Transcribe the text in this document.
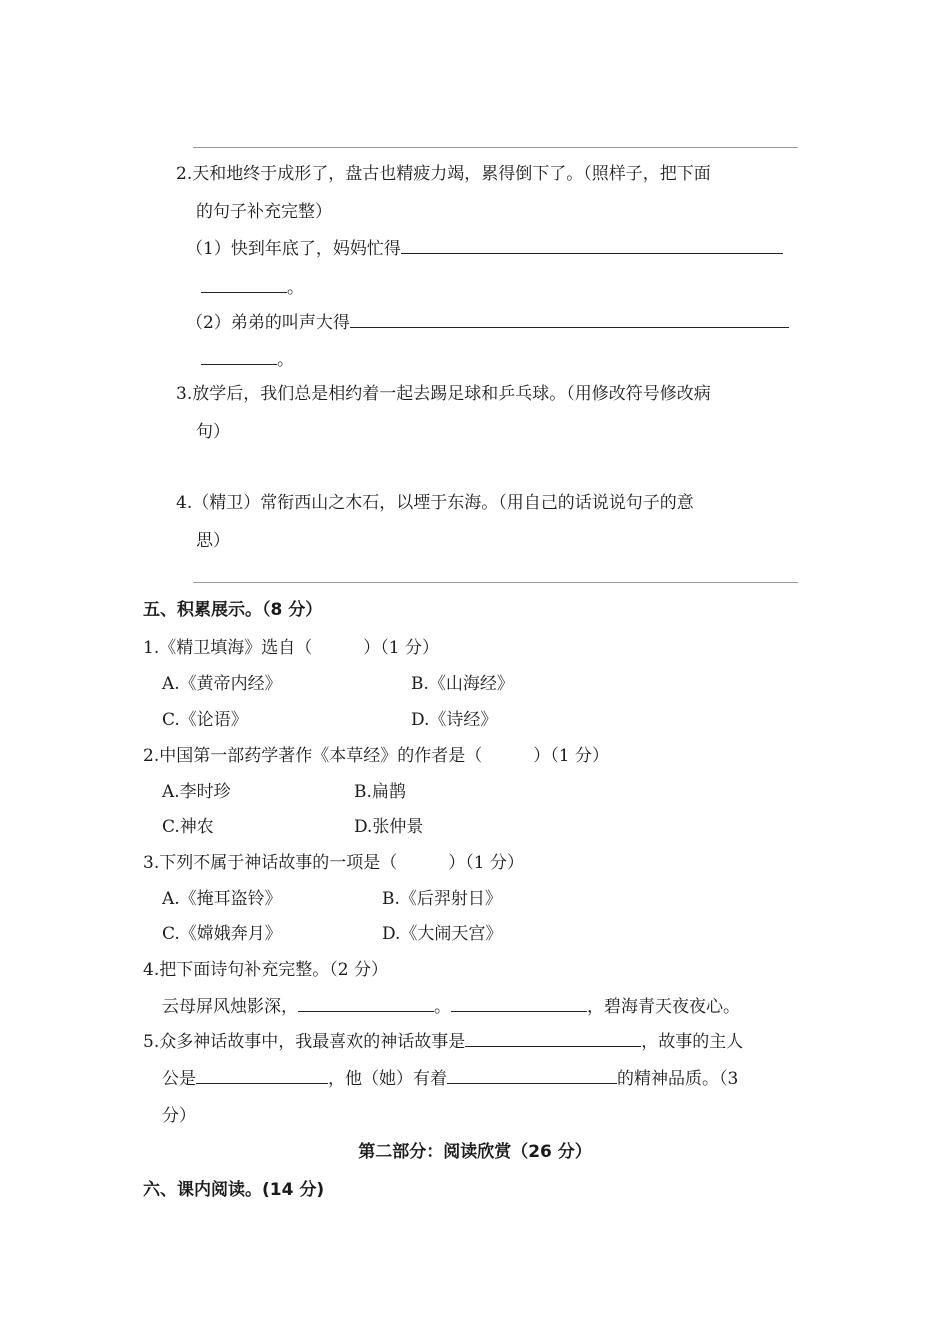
2.天和地终于成形了，盘古也精疲力竭，累得倒下了。（照样子，把下面
的句子补充完整）
（1）快到年底了，妈妈忙得
。
（2）弟弟的叫声大得
。
3.放学后，我们总是相约着一起去踢足球和乒乓球。（用修改符号修改病
句）
4.（精卫）常衔西山之木石，以堙于东海。（用自己的话说说句子的意
思）
五、积累展示。（8 分）
1.《精卫填海》选自（　　　）（1 分）
A.《黄帝内经》	B.《山海经》
C.《论语》	D.《诗经》
2.中国第一部药学著作《本草经》的作者是（　　　）（1 分）
A.李时珍	B.扁鹊
C.神农	D.张仲景
3.下列不属于神话故事的一项是（　　　）（1 分）
A.《掩耳盗铃》	B.《后羿射日》
C.《嫦娥奔月》	D.《大闹天宫》
4.把下面诗句补充完整。（2 分）
云母屏风烛影深，	。	，碧海青天夜夜心。
5.众多神话故事中，我最喜欢的神话故事是	，故事的主人
公是	，他（她）有着	的精神品质。（3
分）
第二部分：阅读欣赏（26 分）
六、课内阅读。(14 分)
